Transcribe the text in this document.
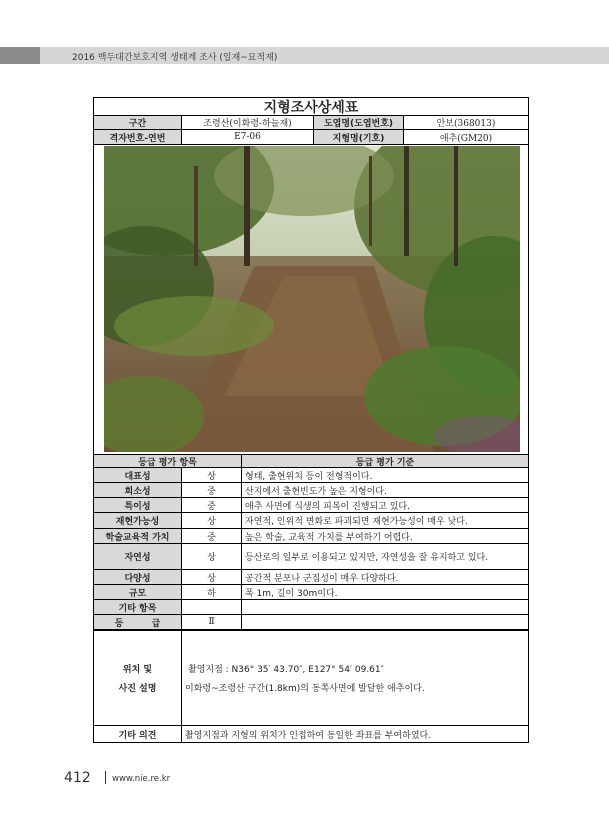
2016 백두대간보호지역 생태계 조사 (일재~묘적재)
지형조사상세표
구간	조령산(이화령-하늘재)	도엽명(도엽번호)	안보(368013)
격자번호-연번	E7-06	지형명(기호)	애추(GM20)
등급 평가 항목	등급 평가 기준
대표성	상	형태, 출현위치 등이 전형적이다.
희소성	중	산지에서 출현빈도가 높은 지형이다.
특이성	중	애추 사면에 식생의 피복이 진행되고 있다.
재현가능성	상	자연적, 인위적 변화로 파괴되면 재현가능성이 매우 낮다.
학술교육적 가치	중	높은 학술, 교육적 가치를 부여하기 어렵다.
자연성	상	등산로의 일부로 이용되고 있지만, 자연성을 잘 유지하고 있다.
다양성	상	공간적 분포나 군집성이 매우 다양하다.
규모	하	폭 1m, 길이 30m이다.
기타 항목
등         급	Ⅱ
위치 및
사진 설명
촬영지점 : N36° 35′ 43.70″, E127° 54′ 09.61″
이화령~조령산 구간(1.8km)의 동쪽사면에 발달한 애추이다.
기타 의견	촬영지점과 지형의 위치가 인접하여 동일한 좌표를 부여하였다.
412	www.nie.re.kr
